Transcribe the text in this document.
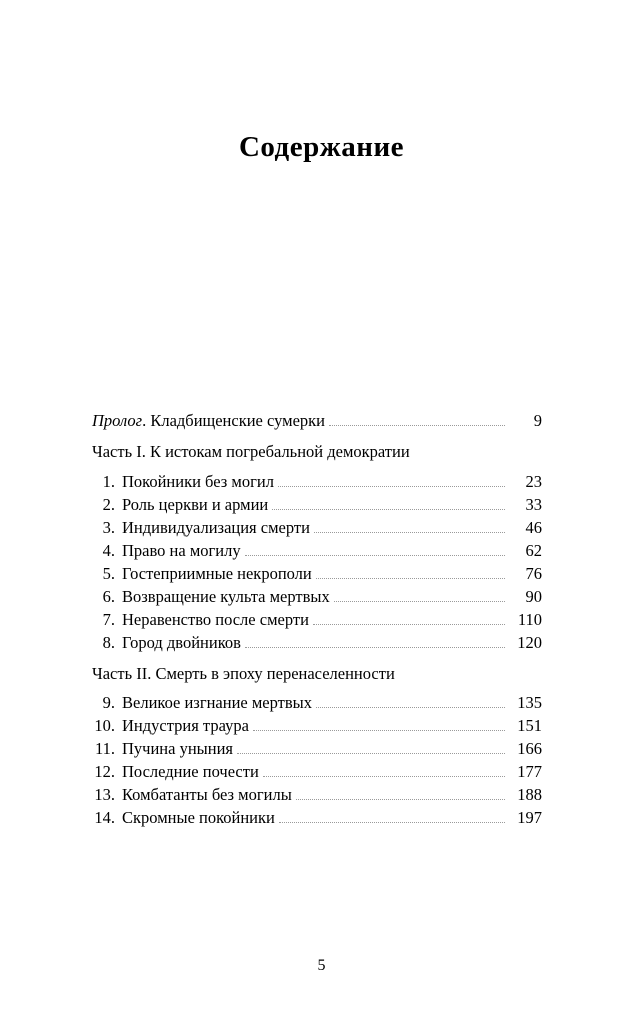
Содержание
Пролог. Кладбищенские сумерки	9
Часть I. К истокам погребальной демократии
1. Покойники без могил	23
2. Роль церкви и армии	33
3. Индивидуализация смерти	46
4. Право на могилу	62
5. Гостеприимные некрополи	76
6. Возвращение культа мертвых	90
7. Неравенство после смерти	110
8. Город двойников	120
Часть II. Смерть в эпоху перенаселенности
9. Великое изгнание мертвых	135
10. Индустрия траура	151
11. Пучина уныния	166
12. Последние почести	177
13. Комбатанты без могилы	188
14. Скромные покойники	197
5
